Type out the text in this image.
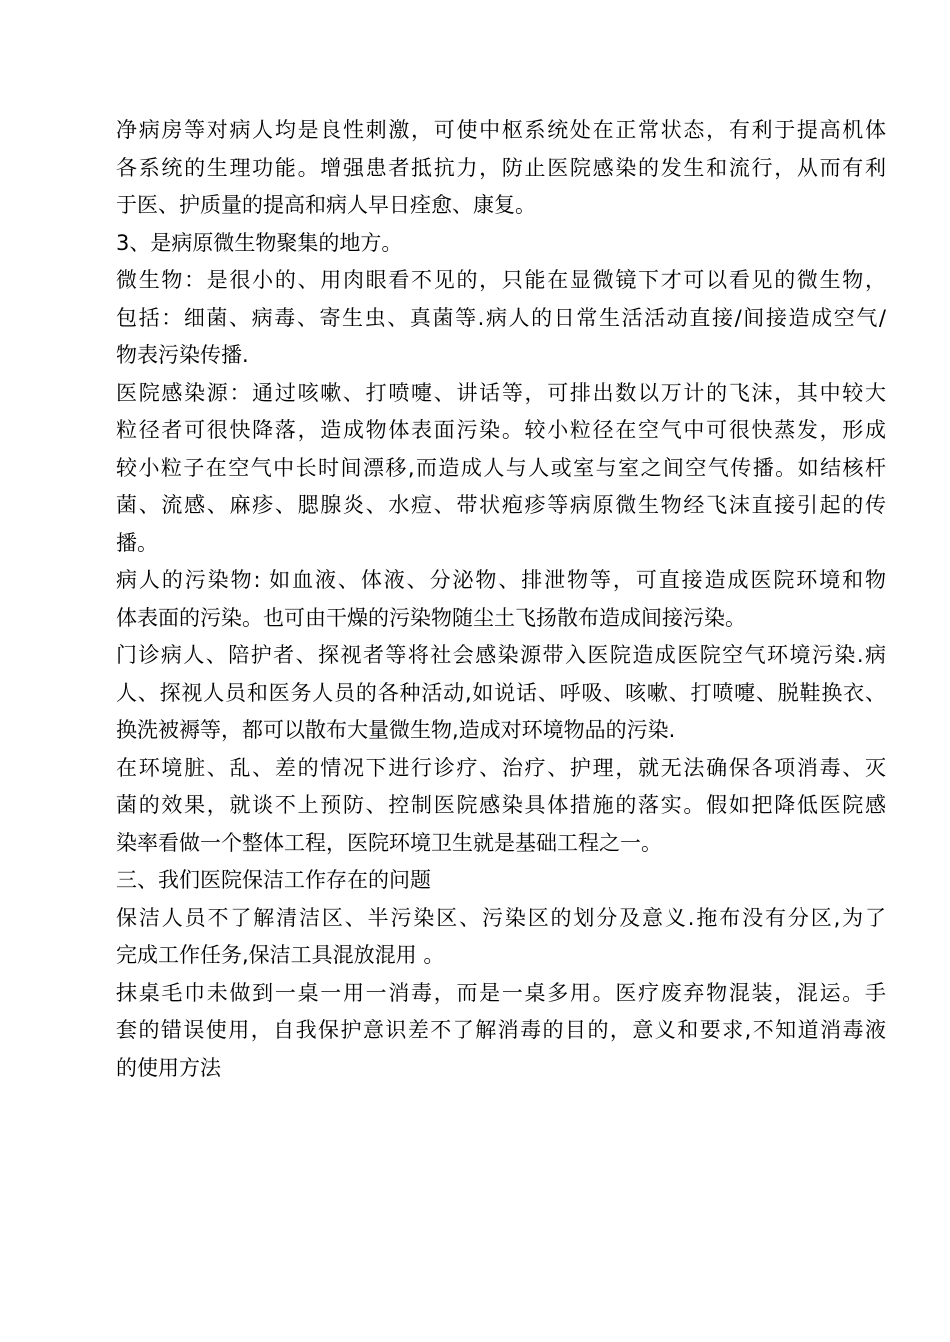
净病房等对病人均是良性刺激，可使中枢系统处在正常状态，有利于提高机体
各系统的生理功能。增强患者抵抗力，防止医院感染的发生和流行，从而有利
于医、护质量的提高和病人早日痊愈、康复。
3、是病原微生物聚集的地方。
微生物：是很小的、用肉眼看不见的，只能在显微镜下才可以看见的微生物，
包括：细菌、病毒、寄生虫、真菌等.病人的日常生活活动直接/间接造成空气/
物表污染传播.
医院感染源：通过咳嗽、打喷嚏、讲话等，可排出数以万计的飞沫，其中较大
粒径者可很快降落，造成物体表面污染。较小粒径在空气中可很快蒸发，形成
较小粒子在空气中长时间漂移,而造成人与人或室与室之间空气传播。如结核杆
菌、流感、麻疹、腮腺炎、水痘、带状疱疹等病原微生物经飞沫直接引起的传
播。
病人的污染物: 如血液、体液、分泌物、排泄物等，可直接造成医院环境和物
体表面的污染。也可由干燥的污染物随尘土飞扬散布造成间接污染。
门诊病人、陪护者、探视者等将社会感染源带入医院造成医院空气环境污染.病
人、探视人员和医务人员的各种活动,如说话、呼吸、咳嗽、打喷嚏、脱鞋换衣、
换洗被褥等，都可以散布大量微生物,造成对环境物品的污染.
在环境脏、乱、差的情况下进行诊疗、治疗、护理，就无法确保各项消毒、灭
菌的效果，就谈不上预防、控制医院感染具体措施的落实。假如把降低医院感
染率看做一个整体工程，医院环境卫生就是基础工程之一。
三、我们医院保洁工作存在的问题
保洁人员不了解清洁区、半污染区、污染区的划分及意义.拖布没有分区,为了
完成工作任务,保洁工具混放混用 。
抹桌毛巾未做到一桌一用一消毒，而是一桌多用。医疗废弃物混装，混运。手
套的错误使用，自我保护意识差不了解消毒的目的，意义和要求,不知道消毒液
的使用方法
